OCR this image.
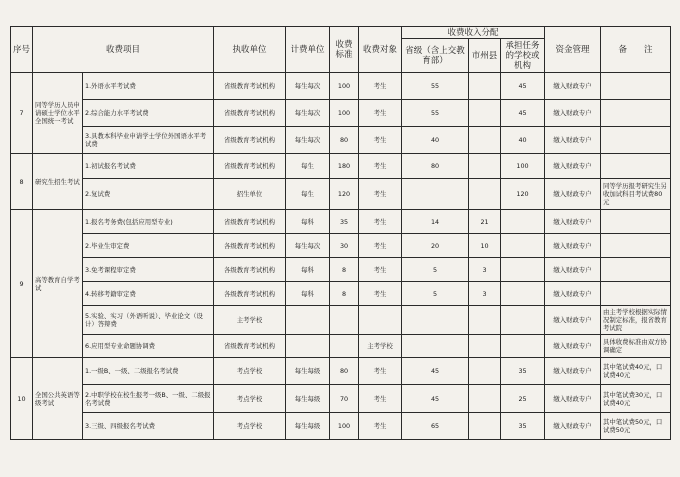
序号	收费项目		执收单位	计费单位	收费标准	收费对象	收费收入分配			资金管理	备　　注
							省级（含上交教育部）	市州县	承担任务的学校或机构		
7	同等学历人员申请硕士学位水平全国统一考试	1.外语水平考试费	省级教育考试机构	每生每次	100	考生	55		45	缴入财政专户	
		2.综合能力水平考试费	省级教育考试机构	每生每次	100	考生	55		45	缴入财政专户	
		3.具教本科毕业申请学士学位外国语水平考试费	省级教育考试机构	每生每次	80	考生	40		40	缴入财政专户	
8	研究生招生考试	1.初试报名考试费	省级教育考试机构	每生	180	考生	80		100	缴入财政专户	
		2.复试费	招生单位	每生	120	考生			120	缴入财政专户	同等学历报考研究生另收加试科目考试费80元
9	高等教育自学考试	1.报名考务费(包括应用型专业)	省级教育考试机构	每科	35	考生	14	21		缴入财政专户	
		2.毕业生审定费	各级教育考试机构	每生每次	30	考生	20	10		缴入财政专户	
		3.免考课程审定费	各级教育考试机构	每科	8	考生	5	3		缴入财政专户	
		4.转移考籍审定费	各级教育考试机构	每科	8	考生	5	3		缴入财政专户	
		5.实验、实习（外语听说）、毕业论文（设计）答辩费	主考学校							缴入财政专户	由主考学校根据实际情况制定标准，报省教育考试院
		6.应用型专业命题协调费	省级教育考试机构			主考学校				缴入财政专户	具体收费标准由双方协调确定
10	全国公共英语等级考试	1.一级B、一级、二级报名考试费	考点学校	每生每级	80	考生	45		35	缴入财政专户	其中笔试费40元，口试费40元
		2.中职学校在校生报考一级B、一级、二级报名考试费	考点学校	每生每级	70	考生	45		25	缴入财政专户	其中笔试费30元，口试费40元
		3.三级、四级报名考试费	考点学校	每生每级	100	考生	65		35	缴入财政专户	其中笔试费50元，口试费50元
